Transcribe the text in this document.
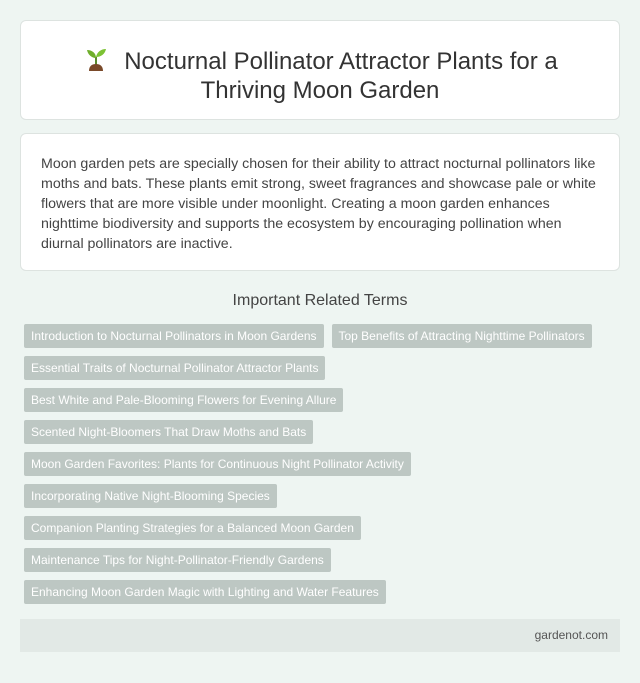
Nocturnal Pollinator Attractor Plants for a
Thriving Moon Garden

Moon garden pets are specially chosen for their ability to attract nocturnal pollinators like moths and bats. These plants emit strong, sweet fragrances and showcase pale or white flowers that are more visible under moonlight. Creating a moon garden enhances nighttime biodiversity and supports the ecosystem by encouraging pollination when diurnal pollinators are inactive.

Important Related Terms
Introduction to Nocturnal Pollinators in Moon Gardens	Top Benefits of Attracting Nighttime Pollinators
Essential Traits of Nocturnal Pollinator Attractor Plants
Best White and Pale-Blooming Flowers for Evening Allure
Scented Night-Bloomers That Draw Moths and Bats
Moon Garden Favorites: Plants for Continuous Night Pollinator Activity
Incorporating Native Night-Blooming Species
Companion Planting Strategies for a Balanced Moon Garden
Maintenance Tips for Night-Pollinator-Friendly Gardens
Enhancing Moon Garden Magic with Lighting and Water Features
gardenot.com
